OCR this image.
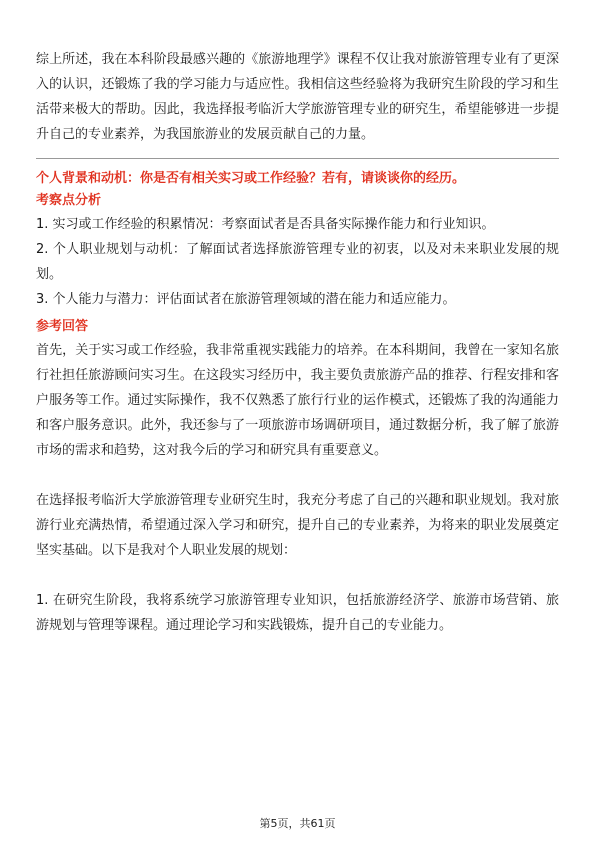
综上所述，我在本科阶段最感兴趣的《旅游地理学》课程不仅让我对旅游管理专业有了更深入的认识，还锻炼了我的学习能力与适应性。我相信这些经验将为我研究生阶段的学习和生活带来极大的帮助。因此，我选择报考临沂大学旅游管理专业的研究生，希望能够进一步提升自己的专业素养，为我国旅游业的发展贡献自己的力量。

个人背景和动机：你是否有相关实习或工作经验？若有，请谈谈你的经历。

考察点分析

1. 实习或工作经验的积累情况：考察面试者是否具备实际操作能力和行业知识。

2. 个人职业规划与动机：了解面试者选择旅游管理专业的初衷，以及对未来职业发展的规划。

3. 个人能力与潜力：评估面试者在旅游管理领域的潜在能力和适应能力。

参考回答

首先，关于实习或工作经验，我非常重视实践能力的培养。在本科期间，我曾在一家知名旅行社担任旅游顾问实习生。在这段实习经历中，我主要负责旅游产品的推荐、行程安排和客户服务等工作。通过实际操作，我不仅熟悉了旅行行业的运作模式，还锻炼了我的沟通能力和客户服务意识。此外，我还参与了一项旅游市场调研项目，通过数据分析，我了解了旅游市场的需求和趋势，这对我今后的学习和研究具有重要意义。

在选择报考临沂大学旅游管理专业研究生时，我充分考虑了自己的兴趣和职业规划。我对旅游行业充满热情，希望通过深入学习和研究，提升自己的专业素养，为将来的职业发展奠定坚实基础。以下是我对个人职业发展的规划：

1. 在研究生阶段，我将系统学习旅游管理专业知识，包括旅游经济学、旅游市场营销、旅游规划与管理等课程。通过理论学习和实践锻炼，提升自己的专业能力。

第5页，共61页
